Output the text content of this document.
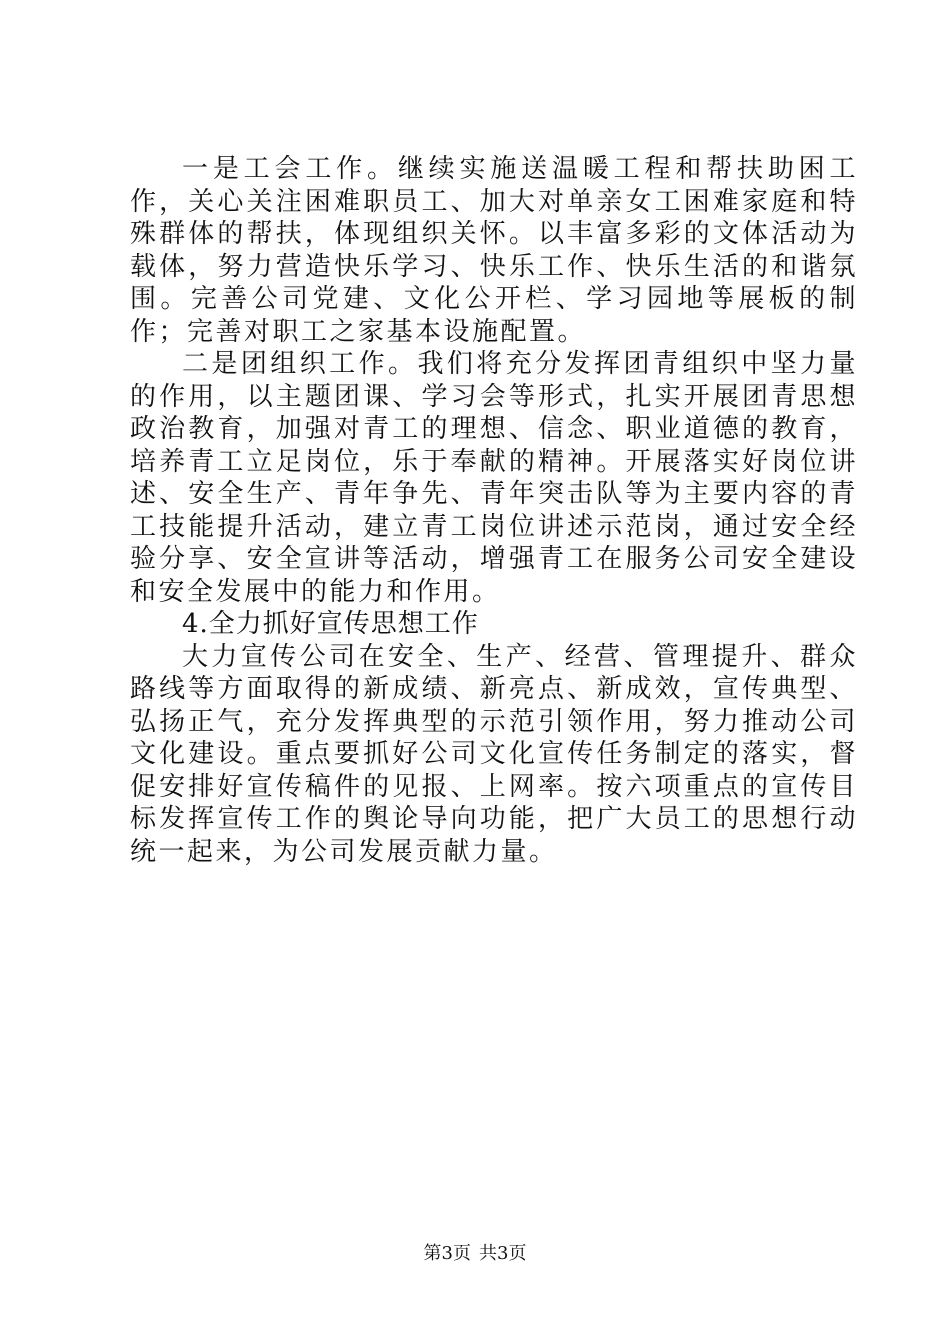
一是工会工作。继续实施送温暖工程和帮扶助困工作，关心关注困难职员工、加大对单亲女工困难家庭和特殊群体的帮扶，体现组织关怀。以丰富多彩的文体活动为载体，努力营造快乐学习、快乐工作、快乐生活的和谐氛围。完善公司党建、文化公开栏、学习园地等展板的制作；完善对职工之家基本设施配置。

二是团组织工作。我们将充分发挥团青组织中坚力量的作用，以主题团课、学习会等形式，扎实开展团青思想政治教育，加强对青工的理想、信念、职业道德的教育，培养青工立足岗位，乐于奉献的精神。开展落实好岗位讲述、安全生产、青年争先、青年突击队等为主要内容的青工技能提升活动，建立青工岗位讲述示范岗，通过安全经验分享、安全宣讲等活动，增强青工在服务公司安全建设和安全发展中的能力和作用。

4.全力抓好宣传思想工作

大力宣传公司在安全、生产、经营、管理提升、群众路线等方面取得的新成绩、新亮点、新成效，宣传典型、弘扬正气，充分发挥典型的示范引领作用，努力推动公司文化建设。重点要抓好公司文化宣传任务制定的落实，督促安排好宣传稿件的见报、上网率。按六项重点的宣传目标发挥宣传工作的舆论导向功能，把广大员工的思想行动统一起来，为公司发展贡献力量。

第3页 共3页
